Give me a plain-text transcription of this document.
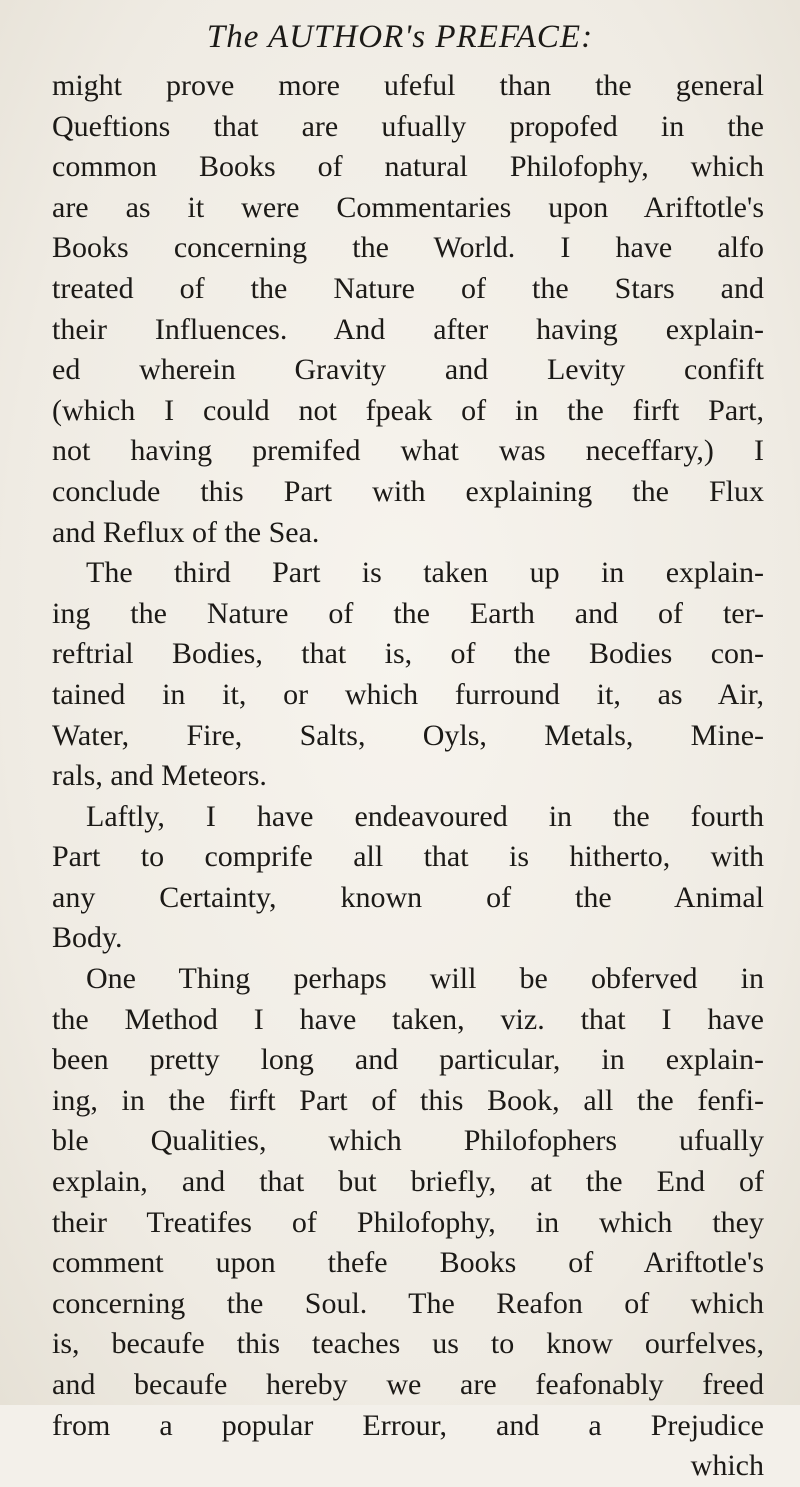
The AUTHOR's PREFACE:
might prove more ufeful than the general
Queftions that are ufually propofed in the
common Books of natural Philofophy, which
are as it were Commentaries upon Ariftotle's
Books concerning the World. I have alfo
treated of the Nature of the Stars and
their Influences. And after having explain-
ed wherein Gravity and Levity confift
(which I could not fpeak of in the firft Part,
not having premifed what was neceffary,) I
conclude this Part with explaining the Flux
and Reflux of the Sea.
The third Part is taken up in explain-
ing the Nature of the Earth and of ter-
reftrial Bodies, that is, of the Bodies con-
tained in it, or which furround it, as Air,
Water, Fire, Salts, Oyls, Metals, Mine-
rals, and Meteors.
Laftly, I have endeavoured in the fourth
Part to comprife all that is hitherto, with
any Certainty, known of the Animal
Body.
One Thing perhaps will be obferved in
the Method I have taken, viz. that I have
been pretty long and particular, in explain-
ing, in the firft Part of this Book, all the fenfi-
ble Qualities, which Philofophers ufually
explain, and that but briefly, at the End of
their Treatifes of Philofophy, in which they
comment upon thefe Books of Ariftotle's
concerning the Soul. The Reafon of which
is, becaufe this teaches us to know ourfelves,
and becaufe hereby we are feafonably freed
from a popular Errour, and a Prejudice
which
